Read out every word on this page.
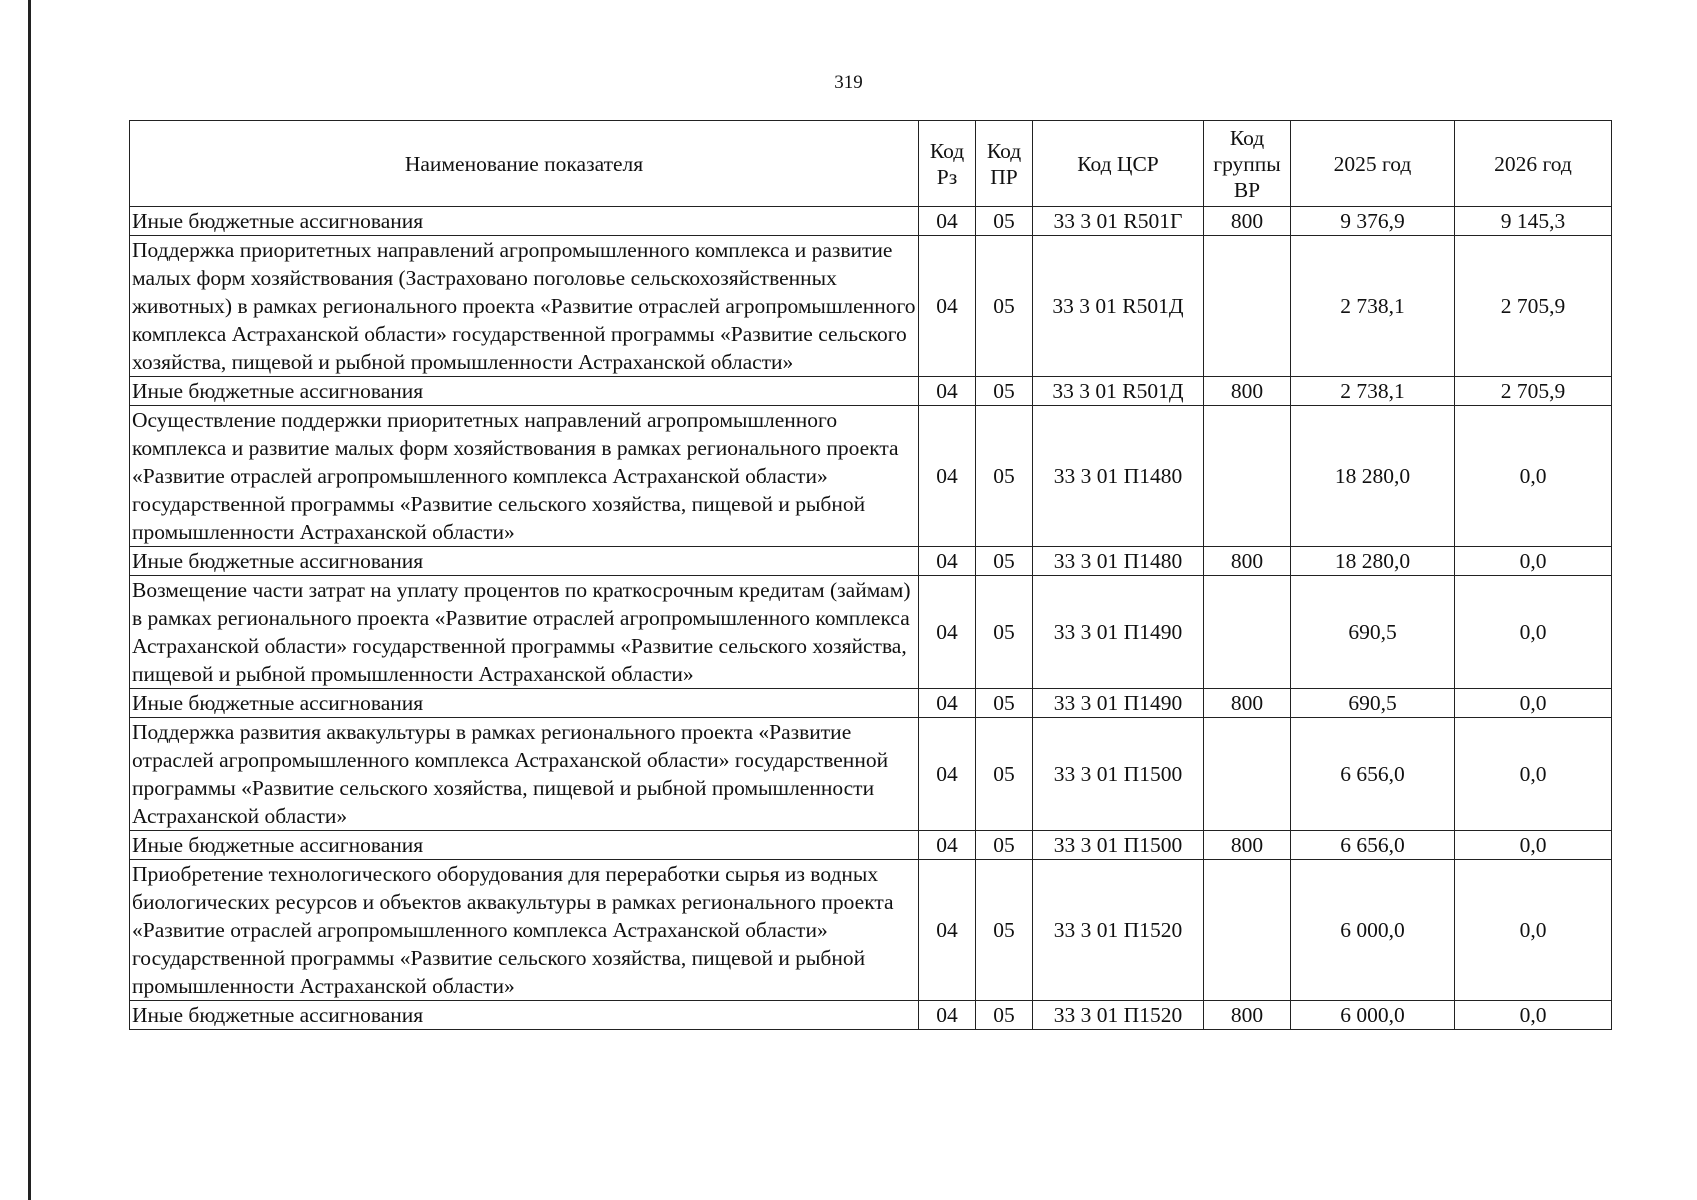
319
Наименование показателя	Код Рз	Код ПР	Код ЦСР	Код группы ВР	2025 год	2026 год
Иные бюджетные ассигнования	04	05	33 3 01 R501Г	800	9 376,9	9 145,3
Поддержка приоритетных направлений агропромышленного комплекса и развитие малых форм хозяйствования (Застраховано поголовье сельскохозяйственных животных) в рамках регионального проекта «Развитие отраслей агропромышленного комплекса Астраханской области» государственной программы «Развитие сельского хозяйства, пищевой и рыбной промышленности Астраханской области»	04	05	33 3 01 R501Д		2 738,1	2 705,9
Иные бюджетные ассигнования	04	05	33 3 01 R501Д	800	2 738,1	2 705,9
Осуществление поддержки приоритетных направлений агропромышленного комплекса и развитие малых форм хозяйствования в рамках регионального проекта «Развитие отраслей агропромышленного комплекса Астраханской области» государственной программы «Развитие сельского хозяйства, пищевой и рыбной промышленности Астраханской области»	04	05	33 3 01 П1480		18 280,0	0,0
Иные бюджетные ассигнования	04	05	33 3 01 П1480	800	18 280,0	0,0
Возмещение части затрат на уплату процентов по краткосрочным кредитам (займам) в рамках регионального проекта «Развитие отраслей агропромышленного комплекса Астраханской области» государственной программы «Развитие сельского хозяйства, пищевой и рыбной промышленности Астраханской области»	04	05	33 3 01 П1490		690,5	0,0
Иные бюджетные ассигнования	04	05	33 3 01 П1490	800	690,5	0,0
Поддержка развития аквакультуры в рамках регионального проекта «Развитие отраслей агропромышленного комплекса Астраханской области» государственной программы «Развитие сельского хозяйства, пищевой и рыбной промышленности Астраханской области»	04	05	33 3 01 П1500		6 656,0	0,0
Иные бюджетные ассигнования	04	05	33 3 01 П1500	800	6 656,0	0,0
Приобретение технологического оборудования для переработки сырья из водных биологических ресурсов и объектов аквакультуры в рамках регионального проекта «Развитие отраслей агропромышленного комплекса Астраханской области» государственной программы «Развитие сельского хозяйства, пищевой и рыбной промышленности Астраханской области»	04	05	33 3 01 П1520		6 000,0	0,0
Иные бюджетные ассигнования	04	05	33 3 01 П1520	800	6 000,0	0,0
